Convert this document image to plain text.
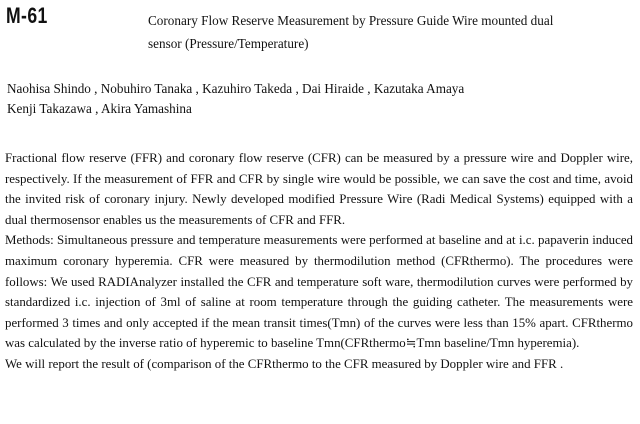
M-61	Coronary Flow Reserve Measurement by Pressure Guide Wire mounted dual
sensor (Pressure/Temperature)
Naohisa Shindo , Nobuhiro Tanaka , Kazuhiro Takeda , Dai Hiraide , Kazutaka Amaya
Kenji Takazawa , Akira Yamashina

Fractional flow reserve (FFR) and coronary flow reserve (CFR) can be measured by a pressure wire and Doppler wire, respectively. If the measurement of FFR and CFR by single wire would be possible, we can save the cost and time, avoid the invited risk of coronary injury. Newly developed modified Pressure Wire (Radi Medical Systems) equipped with a dual thermosensor enables us the measurements of CFR and FFR.

Methods: Simultaneous pressure and temperature measurements were performed at baseline and at i.c. papaverin induced maximum coronary hyperemia. CFR were measured by thermodilution method (CFRthermo). The procedures were follows: We used RADIAnalyzer installed the CFR and temperature soft ware, thermodilution curves were performed by standardized i.c. injection of 3ml of saline at room temperature through the guiding catheter. The measurements were performed 3 times and only accepted if the mean transit times(Tmn) of the curves were less than 15% apart. CFRthermo was calculated by the inverse ratio of hyperemic to baseline Tmn(CFRthermo≒Tmn baseline/Tmn hyperemia).

We will report the result of (comparison of the CFRthermo to the CFR measured by Doppler wire and FFR .
